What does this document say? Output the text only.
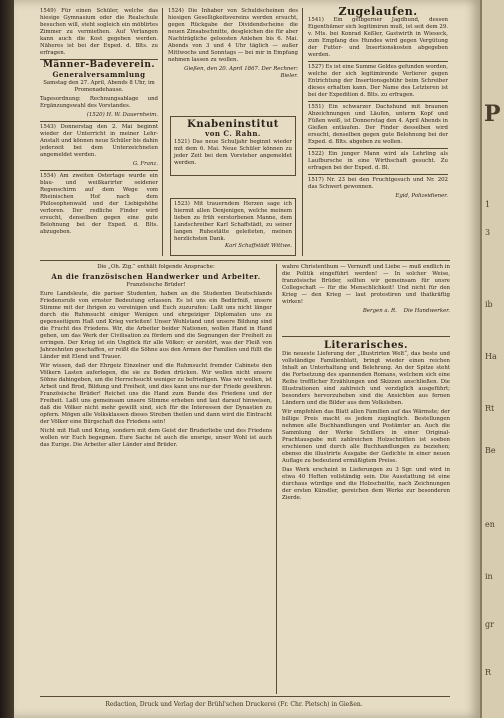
1549) Für einen Schüler, welche das hiesige Gymnasium oder die Realschule besuchen will, steht sogleich ein möblirtes Zimmer zu vermiethen. Auf Verlangen kann auch die Kost gegeben werden. Näheres ist bei der Exped. d. Blts. zu erfragen.

Männer-Badeverein.
Generalversammlung

Samstag den 27. April, Abends 8 Uhr, im Promenadehause.

Tagesordnung: Rechnungsablage und Ergänzungswahl des Vorstandes.

(1520) H. W. Dauernheim.

1543) Donnerstag den 2. Mai beginnt wieder der Unterricht in meiner Lehr-Anstalt und können neue Schüler bis dahin jederzeit bei dem Unterzeichneten angemeldet werden.

G. Franz.

1554) Am zweiten Ostertage wurde ein blau- und weißkarirter seidener Regenschirm auf dem Wege vom Rheinischen Hof nach dem Philosophenwald und der Liebigshöhe verloren. Der redliche Finder wird ersucht, denselben gegen eine gute Belohnung bei der Exped. d. Blts. abzugeben.

1524) Die Inhaber von Schuldscheinen des hiesigen Geselligkeitsvereins werden ersucht, gegen Rückgabe der Dividendscheine die neuen Zinsabschnitte, desgleichen die für aber Nachträgliche geloosten Anlehen bis 6. Mai. Abends von 3 und 4 Uhr täglich — außer Mittwochs und Sonntags — bei mir in Empfang nehmen lassen zu wollen.

Gießen, den 20. April 1867. Der Rechner: Bieler.

Knabeninstitut
von C. Rahn.
1521) Das neue Schuljahr beginnt wieder mit dem 6. Mai. Neue Schüler können zu jeder Zeit bei dem Vorsteher angemeldet werden.
1523) Mit trauerndem Herzen sage ich hiermit allen Denjenigen, welche meinem lieben zu früh verstorbenen Manne, dem Landschreiber Karl Schaffstädt, zu seiner langen Ruhestätte geleiteten, meinen herzlichsten Dank.
Karl Schaffstädt Wittwe.
Zugelaufen.

1541) Ein gelbgerner Jagdhund, dessen Eigenthümer sich legitimiren muß, ist seit dem 29. v. Mts. bei Konrad Keßler, Gastwirth in Wieseck, zum Empfang des Hundes wird gegen Vergütung der Futter- und Insertionskosten abgegeben werden.

1527) Es ist eine Summe Geldes gefunden worden, welche der sich legitimirende Verlierer gegen Entrichtung der Insertionsgebühr beim Schreiber dieses erhalten kann. Der Name des Letzteren ist bei der Expedition d. Blts. zu erfragen.

1551) Ein schwarzer Dachshund mit braunen Abzeichnungen und Läufen, unterm Kopf und Füßen weiß, ist Donnerstag den 4. April Abends in Gießen entlaufen. Der Finder desselben wird ersucht, denselben gegen gute Belohnung bei der Exped. d. Blts. abgeben zu wollen.

1522) Ein junger Mann wird als Lehrling als Laufbursche in eine Wirthschaft gesucht. Zu erfragen bei der Exped. d. Bl.

1517) Nr. 23 bei den Fruchtgesuch und Nr. 202 das Schwert gewonnen.

Egid, Polizeidiener.

Die „Oh. Zig.“ enthält folgende Ansprache:

An die französischen Handwerker und Arbeiter.

Französische Brüder!

Eure Landsleute, die pariser Studenten, haben an die Studenten Deutschlands Friedensrufe von ernster Bedeutung erlassen. Es ist uns ein Bedürfniß, unsere Stimme mit der ihrigen zu vereinigen und Euch zuzurufen: Laßt uns nicht länger durch die Ruhmsucht einiger Wenigen und ehrgeiziger Diplomaten uns zu gegenseitigem Haß und Krieg verleiten! Unser Wohlstand und unsere Bildung sind die Frucht des Friedens. Wir, die Arbeiter beider Nationen, wollen Hand in Hand gehen, um das Werk der Civilisation zu fördern und die Segnungen der Freiheit zu erringen. Der Krieg ist ein Unglück für alle Völker; er zerstört, was der Fleiß von Jahrzehnten geschaffen, er reißt die Söhne aus den Armen der Familien und füllt die Länder mit Elend und Trauer.

Wir wissen, daß der Ehrgeiz Einzelner und die Ruhmsucht fremder Cabinete den Völkern Lasten auferlegen, die sie zu Boden drücken. Wir wollen nicht unsere Söhne dahingeben, um die Herrschsucht weniger zu befriedigen. Was wir wollen, ist Arbeit und Brod, Bildung und Freiheit, und dies kann uns nur der Friede gewähren. Französische Brüder! Reichet uns die Hand zum Bunde des Friedens und der Freiheit. Laßt uns gemeinsam unsere Stimme erheben und laut darauf hinweisen, daß die Völker nicht mehr gewillt sind, sich für die Interessen der Dynastien zu opfern. Mögen alle Volksklassen dieses Streben theilen und dann wird die Eintracht der Völker eine Bürgschaft des Friedens sein!

Nicht mit Haß und Krieg, sondern mit dem Geist der Bruderliebe und des Friedens wollen wir Euch begegnen. Eure Sache ist auch die unsrige, unser Wohl ist auch das Eurige. Die Arbeiter aller Länder sind Brüder.

wahre Christenthum — Vernunft und Liebe — muß endlich in die Politik eingeführt werden! — In solcher Weise, französische Brüder, sollten wir gemeinsam für unsre Collegschaft — für die Menschlichkeit! Und nicht für den Krieg — den Krieg — laut protestiren und thatkräftig wirken!

Bergen a. R. Die Handwerker.

Literarisches.

Die neueste Lieferung der „Illustrirten Welt“, das beste und vollständige Familienblatt, bringt wieder einen reichen Inhalt an Unterhaltung und Belehrung. An der Spitze steht die Fortsetzung des spannenden Romans, welchem sich eine Reihe trefflicher Erzählungen und Skizzen anschließen. Die Illustrationen sind zahlreich und vorzüglich ausgeführt; besonders hervorzuheben sind die Ansichten aus fernen Ländern und die Bilder aus dem Volksleben.

Wir empfehlen das Blatt allen Familien auf das Wärmste; der billige Preis macht es jedem zugänglich. Bestellungen nehmen alle Buchhandlungen und Postämter an. Auch die Sammlung der Werke Schillers in einer Original-Prachtausgabe mit zahlreichen Holzschnitten ist soeben erschienen und durch alle Buchhandlungen zu beziehen; ebenso die illustrirte Ausgabe der Gedichte in einer neuen Auflage zu bedeutend ermäßigtem Preise.

Das Werk erscheint in Lieferungen zu 3 Sgr. und wird in etwa 40 Heften vollständig sein. Die Ausstattung ist eine durchaus würdige und die Holzschnitte, nach Zeichnungen der ersten Künstler, gereichen dem Werke zur besonderen Zierde.

Redaction, Druck und Verlag der Brühl'schen Druckerei (Fr. Chr. Pietsch) in Gießen.
P
1
3
ib
Ha
Rt
Be
en
in
gr
R
